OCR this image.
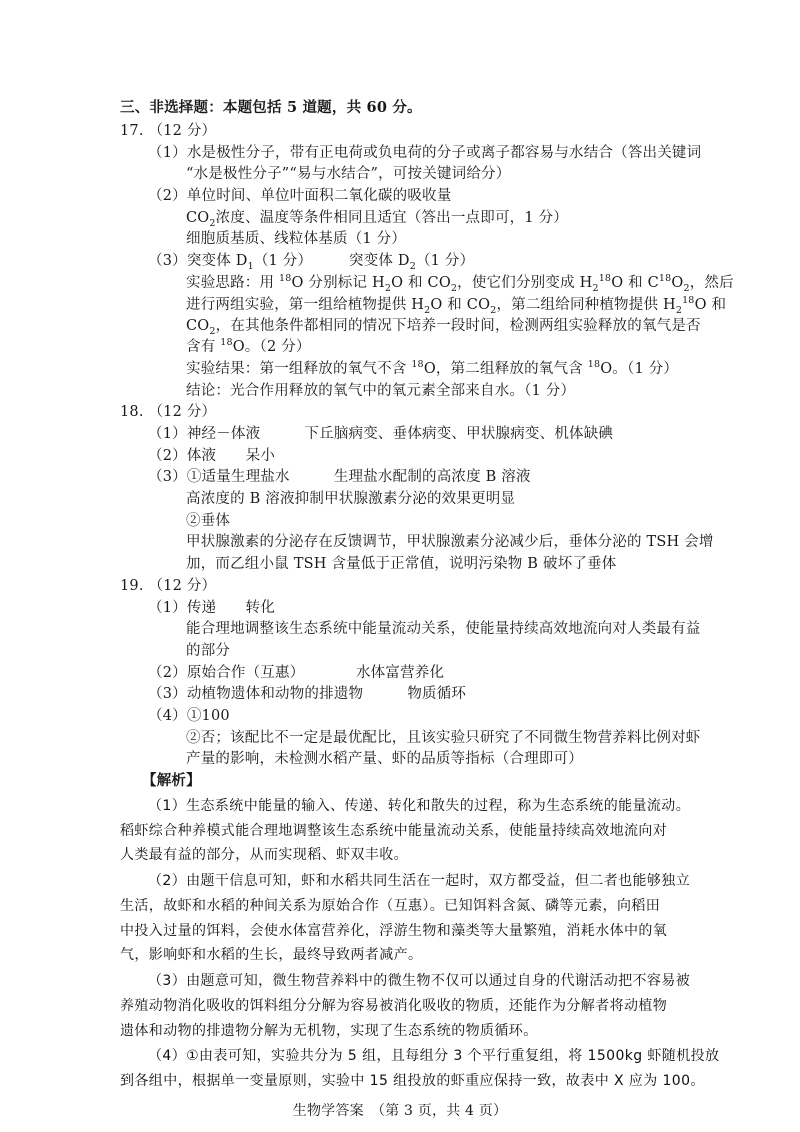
三、非选择题：本题包括 5 道题，共 60 分。
17. （12 分）
（1）水是极性分子，带有正电荷或负电荷的分子或离子都容易与水结合（答出关键词
“水是极性分子”“易与水结合”，可按关键词给分）
（2）单位时间、单位叶面积二氧化碳的吸收量
$CO_2$浓度、温度等条件相同且适宜（答出一点即可，1 分）
细胞质基质、线粒体基质（1 分）
（3）突变体 $D_1(1$ 分）　　　突变体 $D_2(1$ 分）
实验思路：用 $^{18}$O 分别标记 $H_2O$ 和 $CO_2$，使它们分别变成 $H_2^{18}O$ 和 $C^{18}O_2$，然后
进行两组实验，第一组给植物提供 $H_2O$ 和 $CO_2$，第二组给同种植物提供 $H_2^{18}O$ 和
$CO_2$，在其他条件都相同的情况下培养一段时间，检测两组实验释放的氧气是否
含有 $^{18}$O。（2 分）
实验结果：第一组释放的氧气不含 $^{18}$O，第二组释放的氧气含 $^{18}$O。（1 分）
结论：光合作用释放的氧气中的氧元素全部来自水。（1 分）
18. （12 分）
（1）神经－体液　　　下丘脑病变、垂体病变、甲状腺病变、机体缺碘
（2）体液　　呆小
（3）①适量生理盐水　　　生理盐水配制的高浓度 B 溶液
高浓度的 B 溶液抑制甲状腺激素分泌的效果更明显
②垂体
甲状腺激素的分泌存在反馈调节，甲状腺激素分泌减少后，垂体分泌的 TSH 会增
加，而乙组小鼠 TSH 含量低于正常值，说明污染物 B 破坏了垂体
19. （12 分）
（1）传递　　转化
能合理地调整该生态系统中能量流动关系，使能量持续高效地流向对人类最有益
的部分
（2）原始合作（互惠）　　　　水体富营养化
（3）动植物遗体和动物的排遗物　　　物质循环
（4）①100
②否；该配比不一定是最优配比，且该实验只研究了不同微生物营养料比例对虾
产量的影响，未检测水稻产量、虾的品质等指标（合理即可）
【解析】
（1）生态系统中能量的输入、传递、转化和散失的过程，称为生态系统的能量流动。
稻虾综合种养模式能合理地调整该生态系统中能量流动关系，使能量持续高效地流向对
人类最有益的部分，从而实现稻、虾双丰收。
（2）由题干信息可知，虾和水稻共同生活在一起时，双方都受益，但二者也能够独立
生活，故虾和水稻的种间关系为原始合作（互惠）。已知饵料含氮、磷等元素，向稻田
中投入过量的饵料，会使水体富营养化，浮游生物和藻类等大量繁殖，消耗水体中的氧
气，影响虾和水稻的生长，最终导致两者减产。
（3）由题意可知，微生物营养料中的微生物不仅可以通过自身的代谢活动把不容易被
养殖动物消化吸收的饵料组分分解为容易被消化吸收的物质，还能作为分解者将动植物
遗体和动物的排遗物分解为无机物，实现了生态系统的物质循环。
（4）①由表可知，实验共分为 5 组，且每组分 3 个平行重复组，将 1500kg 虾随机投放
到各组中，根据单一变量原则，实验中 15 组投放的虾重应保持一致，故表中 X 应为 100。
生物学答案　（第 3 页，共 4 页）
